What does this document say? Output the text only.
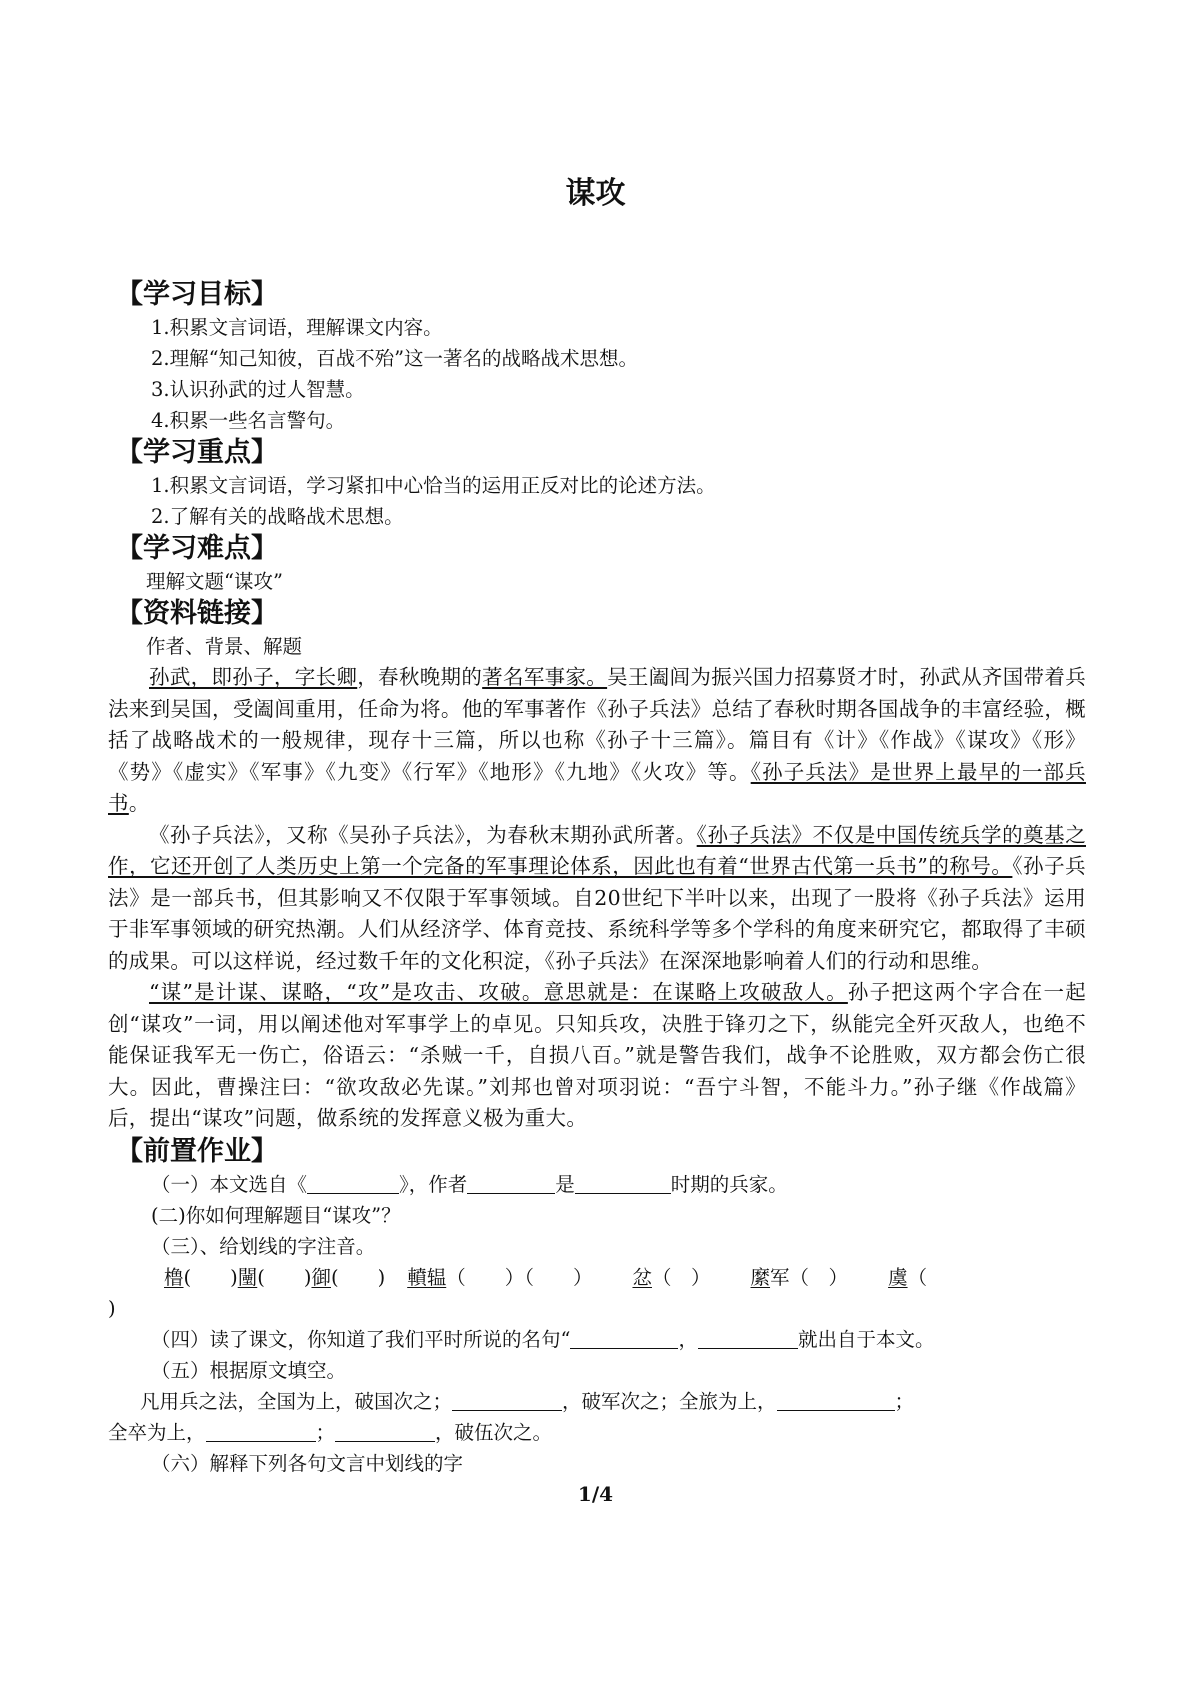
谋攻
【学习目标】
1.积累文言词语，理解课文内容。
2.理解“知己知彼，百战不殆”这一著名的战略战术思想。
3.认识孙武的过人智慧。
4.积累一些名言警句。
【学习重点】
1.积累文言词语，学习紧扣中心恰当的运用正反对比的论述方法。
2.了解有关的战略战术思想。
【学习难点】
理解文题“谋攻”
【资料链接】
作者、背景、解题
孙武，即孙子，字长卿，春秋晚期的著名军事家。吴王阖闾为振兴国力招募贤才时，孙武从齐国带着兵法来到吴国，受阖闾重用，任命为将。他的军事著作《孙子兵法》总结了春秋时期各国战争的丰富经验，概括了战略战术的一般规律，现存十三篇，所以也称《孙子十三篇》。篇目有《计》《作战》《谋攻》《形》《势》《虚实》《军事》《九变》《行军》《地形》《九地》《火攻》等。《孙子兵法》是世界上最早的一部兵书。
《孙子兵法》，又称《吴孙子兵法》，为春秋末期孙武所著。《孙子兵法》不仅是中国传统兵学的奠基之作，它还开创了人类历史上第一个完备的军事理论体系，因此也有着“世界古代第一兵书”的称号。《孙子兵法》是一部兵书，但其影响又不仅限于军事领域。自20世纪下半叶以来，出现了一股将《孙子兵法》运用于非军事领域的研究热潮。人们从经济学、体育竞技、系统科学等多个学科的角度来研究它，都取得了丰硕的成果。可以这样说，经过数千年的文化积淀，《孙子兵法》在深深地影响着人们的行动和思维。
“谋”是计谋、谋略，“攻”是攻击、攻破。意思就是：在谋略上攻破敌人。孙子把这两个字合在一起创“谋攻”一词，用以阐述他对军事学上的卓见。只知兵攻，决胜于锋刃之下，纵能完全歼灭敌人，也绝不能保证我军无一伤亡，俗语云：“杀贼一千，自损八百。”就是警告我们，战争不论胜败，双方都会伤亡很大。因此，曹操注曰：“欲攻敌必先谋。”刘邦也曾对项羽说：“吾宁斗智，不能斗力。”孙子继《作战篇》后，提出“谋攻”问题，做系统的发挥意义极为重大。
【前置作业】
（一）本文选自《	》，作者	是	时期的兵家。
(二)你如何理解题目“谋攻”？
（三）、给划线的字注音。
橹(　　)闉(　　)御(　　) 轒辒（　　）（　　） 忿（　） 縻军（　） 虞（
)
（四）读了课文，你知道了我们平时所说的名句“	，	就出自于本文。
（五）根据原文填空。
凡用兵之法，全国为上，破国次之；	，破军次之；全旅为上，	；
全卒为上，	；	，破伍次之。
（六）解释下列各句文言中划线的字
1/4
